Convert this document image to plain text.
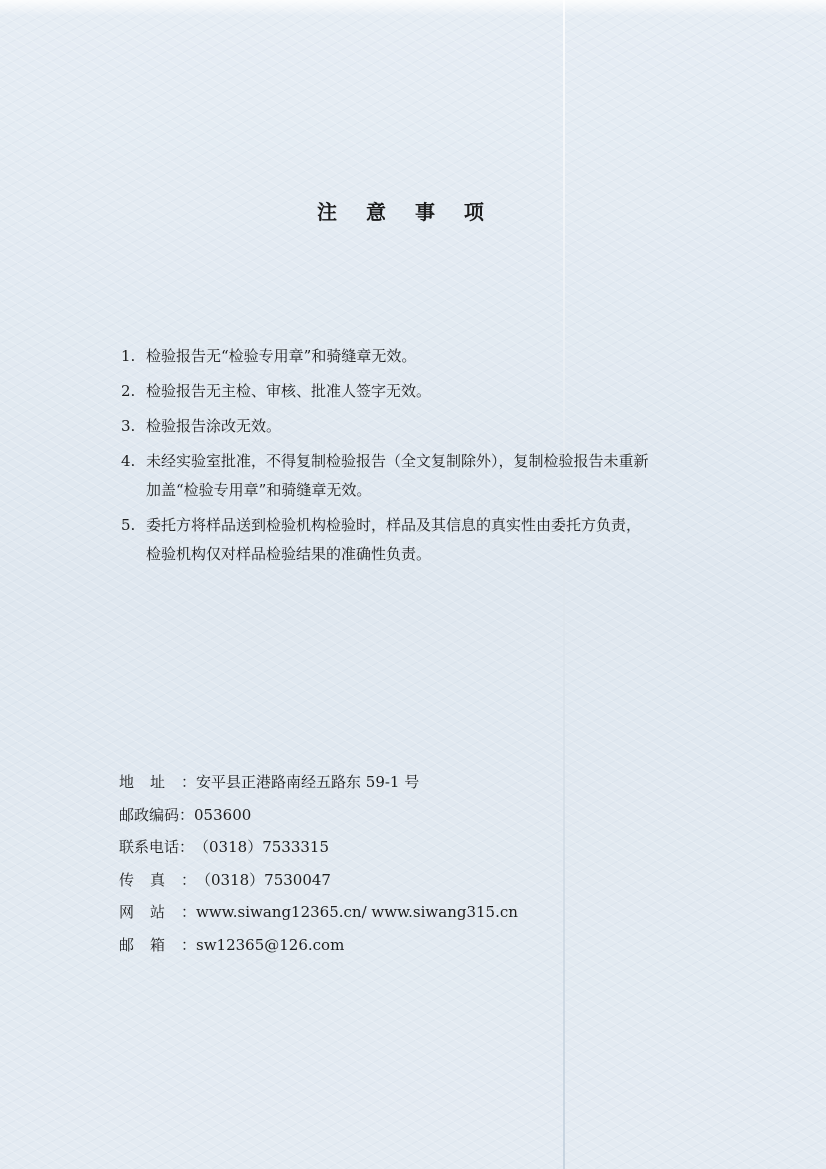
注 意 事 项
1. 检验报告无“检验专用章”和骑缝章无效。
2. 检验报告无主检、审核、批准人签字无效。
3. 检验报告涂改无效。
4. 未经实验室批准，不得复制检验报告（全文复制除外），复制检验报告未重新
加盖“检验专用章”和骑缝章无效。
5. 委托方将样品送到检验机构检验时，样品及其信息的真实性由委托方负责，
检验机构仅对样品检验结果的准确性负责。
地址： 安平县正港路南经五路东 59-1 号
邮政编码： 053600
联系电话： （0318）7533315
传真： （0318）7530047
网站： www.siwang12365.cn/ www.siwang315.cn
邮箱： sw12365@126.com
